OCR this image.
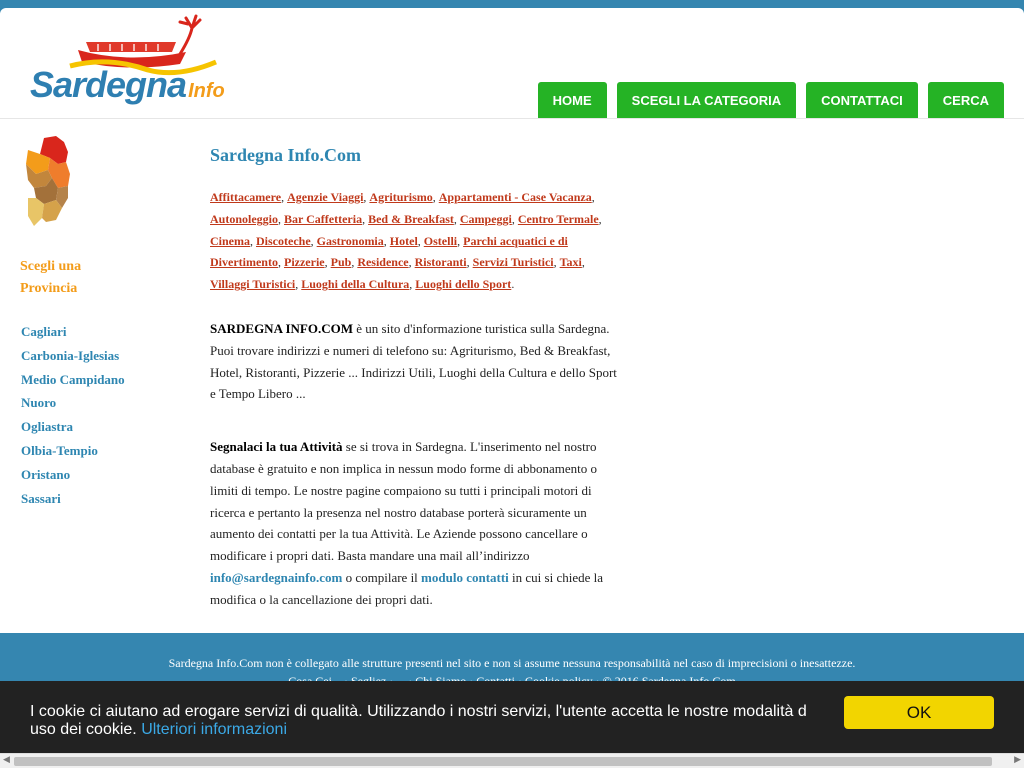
Sardegna Info	HOME	SCEGLI LA CATEGORIA	CONTATTACI	CERCA
Scegli una Provincia
Cagliari
Carbonia-Iglesias
Medio Campidano
Nuoro
Ogliastra
Olbia-Tempio
Oristano
Sassari
Sardegna Info.Com
Affittacamere, Agenzie Viaggi, Agriturismo, Appartamenti - Case Vacanza, Autonoleggio, Bar Caffetteria, Bed & Breakfast, Campeggi, Centro Termale, Cinema, Discoteche, Gastronomia, Hotel, Ostelli, Parchi acquatici e di Divertimento, Pizzerie, Pub, Residence, Ristoranti, Servizi Turistici, Taxi, Villaggi Turistici, Luoghi della Cultura, Luoghi dello Sport.

SARDEGNA INFO.COM è un sito d'informazione turistica sulla Sardegna. Puoi trovare indirizzi e numeri di telefono su: Agriturismo, Bed & Breakfast, Hotel, Ristoranti, Pizzerie ... Indirizzi Utili, Luoghi della Cultura e dello Sport e Tempo Libero ...

Segnalaci la tua Attività se si trova in Sardegna. L'inserimento nel nostro database è gratuito e non implica in nessun modo forme di abbonamento o limiti di tempo. Le nostre pagine compaiono su tutti i principali motori di ricerca e pertanto la presenza nel nostro database porterà sicuramente un aumento dei contatti per la tua Attività. Le Aziende possono cancellare o modificare i propri dati. Basta mandare una mail all’indirizzo info@sardegnainfo.com o compilare il modulo contatti in cui si chiede la modifica o la cancellazione dei propri dati.

Sardegna Info.Com non è collegato alle strutture presenti nel sito e non si assume nessuna responsabilità nel caso di imprecisioni o inesattezze.
I cookie ci aiutano ad erogare servizi di qualità. Utilizzando i nostri servizi, l'utente accetta le nostre modalità d uso dei cookie. Ulteriori informazioni
OK
◀	▶
